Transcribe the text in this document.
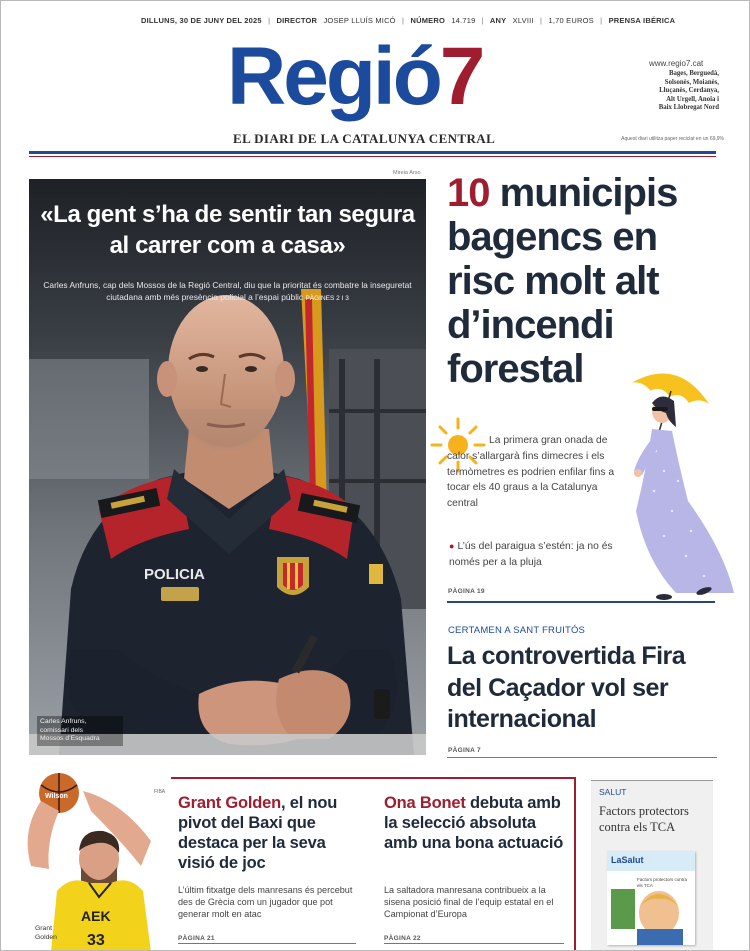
DILLUNS, 30 DE JUNY DEL 2025 | DIRECTOR JOSEP LLUÍS MICÓ | NÚMERO 14.719 | ANY XLVIII | 1,70 EUROS | PRENSA IBÉRICA
Regió7
EL DIARI DE LA CATALUNYA CENTRAL
www.regio7.cat
Bages, Berguedà,
Solsonès, Moianès,
Lluçanès, Cerdanya,
Alt Urgell, Anoia i
Baix Llobregat Nord
Aquest diari utilitza paper reciclat en un 69,9%
Mireia Arso
POLICIA
«La gent s’ha de sentir tan segura al carrer com a casa»
Carles Anfruns, cap dels Mossos de la Regió Central, diu que la prioritat és combatre la inseguretat ciutadana amb més presència policial a l’espai públic PÀGINES 2 I 3
Carles Anfruns,
comissari dels
Mossos d’Esquadra
10 municipis bagencs en risc molt alt d’incendi forestal
La primera gran onada de calor s’allargarà fins dimecres i els termòmetres es podrien enfilar fins a tocar els 40 graus a la Catalunya central
● L’ús del paraigua s’estén: ja no és només per a la pluja
PÀGINA 19
CERTAMEN A SANT FRUITÓS
La controvertida Fira del Caçador vol ser internacional
PÀGINA 7
Wilson
AEK
33
FIBA
Grant
Golden
Grant Golden, el nou pivot del Baxi que destaca per la seva visió de joc
L’últim fitxatge dels manresans és percebut des de Grècia com un jugador que pot generar molt en atac
PÀGINA 21
Ona Bonet debuta amb la selecció absoluta amb una bona actuació
La saltadora manresana contribueix a la sisena posició final de l’equip estatal en el Campionat d’Europa
PÀGINA 22
SALUT
Factors protectors contra els TCA
LaSalut
Factors protectors contra els TCA
